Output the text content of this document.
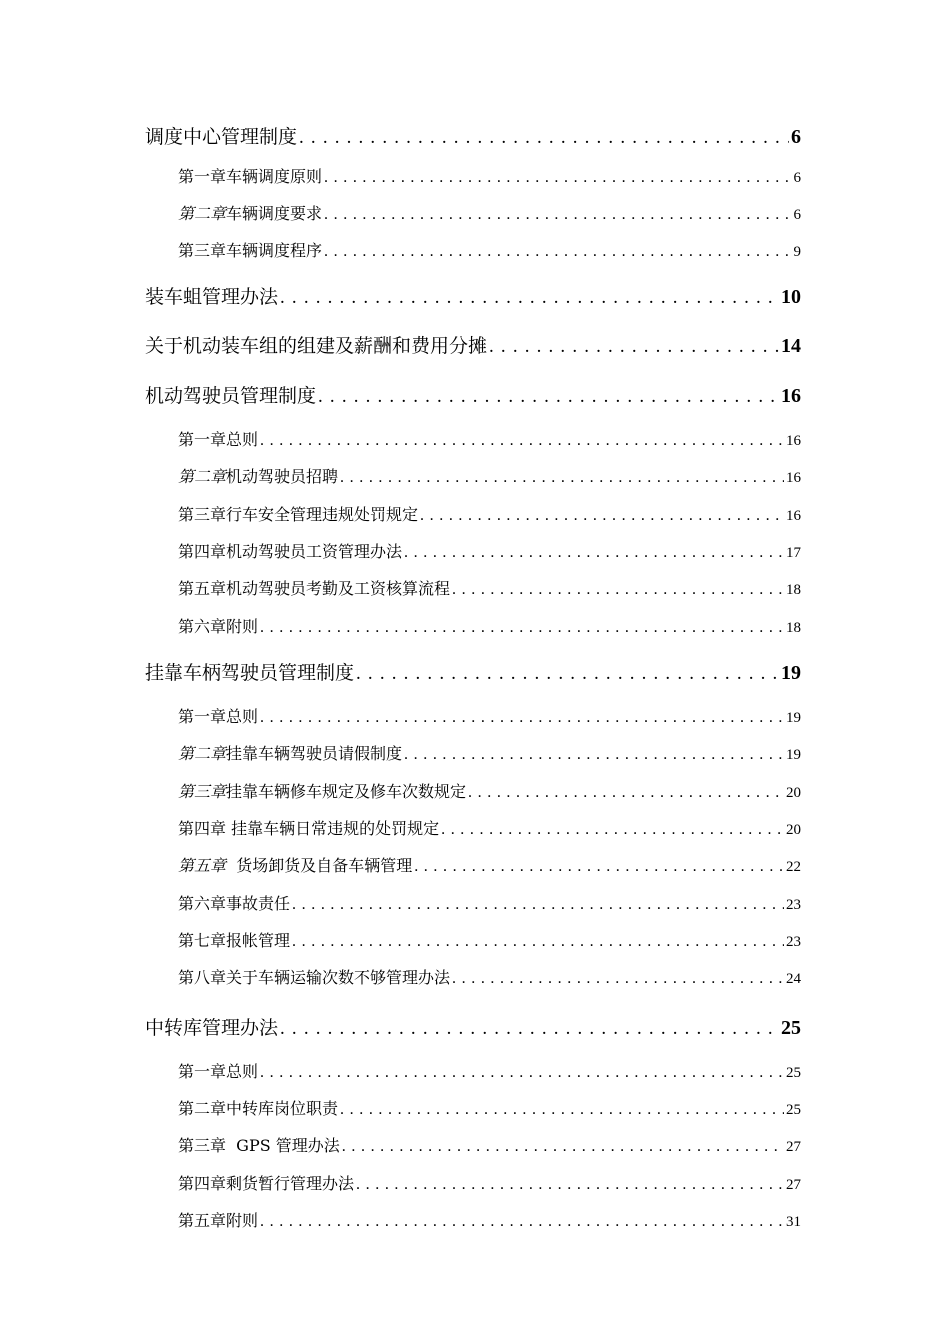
调度中心管理制度 . . .	6
第一章车辆调度原则 . . .	6
第二章车辆调度要求 . . .	6
第三章车辆调度程序 . . .	9
装车蛆管理办法 . . .	10
关于机动装车组的组建及薪酬和费用分摊 . . .	14
机动驾驶员管理制度 . . .	16
第一章总则 . . .	16
第二章机动驾驶员招聘 . . .	16
第三章行车安全管理违规处罚规定 . . .	16
第四章机动驾驶员工资管理办法 . . .	17
第五章机动驾驶员考勤及工资核算流程 . . .	18
第六章附则 . . .	18
挂靠车柄驾驶员管理制度 . . .	19
第一章总则 . . .	19
第二章挂靠车辆驾驶员请假制度 . . .	19
第三章挂靠车辆修车规定及修车次数规定 . . .	20
第四章 挂靠车辆日常违规的处罚规定 . . .	20
第五章  货场卸货及自备车辆管理 . . .	22
第六章事故责任 . . .	23
第七章报帐管理 . . .	23
第八章关于车辆运输次数不够管理办法 . . .	24
中转库管理办法 . . .	25
第一章总则 . . .	25
第二章中转库岗位职责 . . .	25
第三章  GPS 管理办法 . . .	27
第四章剩货暂行管理办法 . . .	27
第五章附则 . . .	31
